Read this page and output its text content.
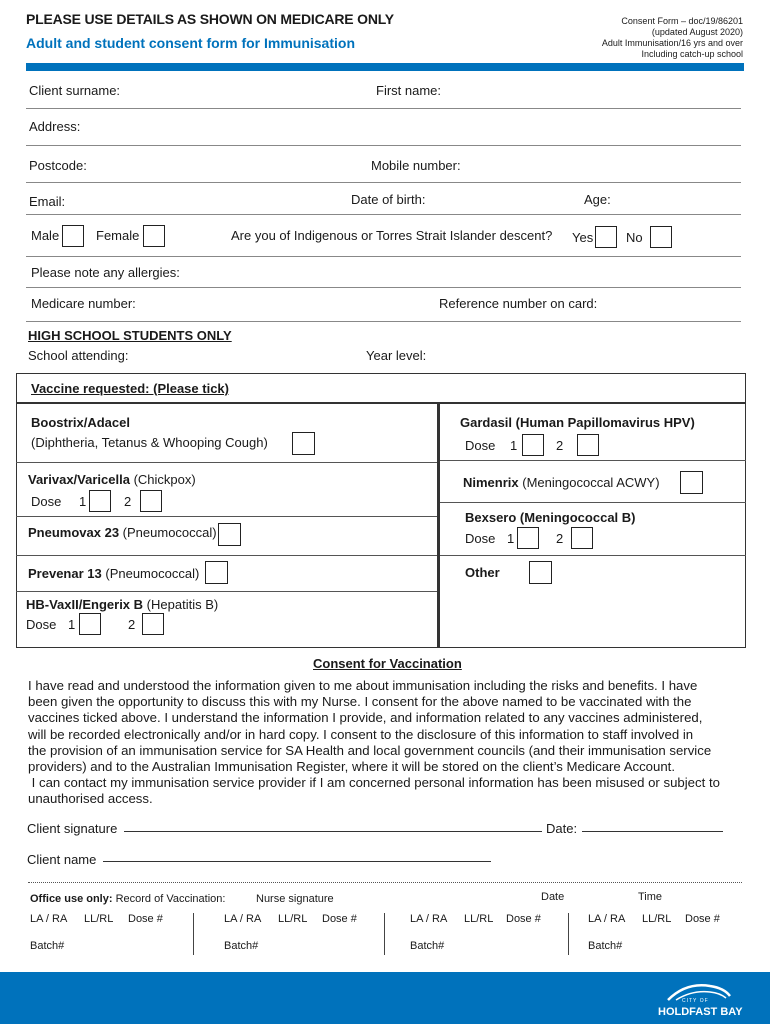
PLEASE USE DETAILS AS SHOWN ON MEDICARE ONLY
Adult and student consent form for Immunisation
Consent Form – doc/19/86201
(updated August 2020)
Adult Immunisation/16 yrs and over
Including catch-up school
Client surname:	First name:
Address:
Postcode:	Mobile number:
Email:	Date of birth:	Age:
Male	Female	Are you of Indigenous or Torres Strait Islander descent? Yes	No
Please note any allergies:
Medicare number:	Reference number on card:
HIGH SCHOOL STUDENTS ONLY
School attending:	Year level:
Vaccine requested: (Please tick)
Boostrix/Adacel
(Diphtheria, Tetanus & Whooping Cough)
Varivax/Varicella (Chickpox)
Dose 1	2
Pneumovax 23 (Pneumococcal)
Prevenar 13 (Pneumococcal)
HB-VaxII/Engerix B (Hepatitis B)
Dose 1	2
Gardasil (Human Papillomavirus HPV)
Dose 1	2
Nimenrix (Meningococcal ACWY)
Bexsero (Meningococcal B)
Dose 1	2
Other
Consent for Vaccination
I have read and understood the information given to me about immunisation including the risks and benefits. I have
been given the opportunity to discuss this with my Nurse. I consent for the above named to be vaccinated with the
vaccines ticked above. I understand the information I provide, and information related to any vaccines administered,
will be recorded electronically and/or in hard copy. I consent to the disclosure of this information to staff involved in
the provision of an immunisation service for SA Health and local government councils (and their immunisation service
providers) and to the Australian Immunisation Register, where it will be stored on the client’s Medicare Account.
I can contact my immunisation service provider if I am concerned personal information has been misused or subject to
unauthorised access.
Client signature	Date:
Client name
Office use only: Record of Vaccination:	Nurse signature	Date	Time
LA / RA LL/RL Dose #
Batch#
LA / RA LL/RL Dose #
Batch#
LA / RA LL/RL Dose #
Batch#
LA / RA LL/RL Dose #
Batch#
CITY OF
HOLDFAST BAY
